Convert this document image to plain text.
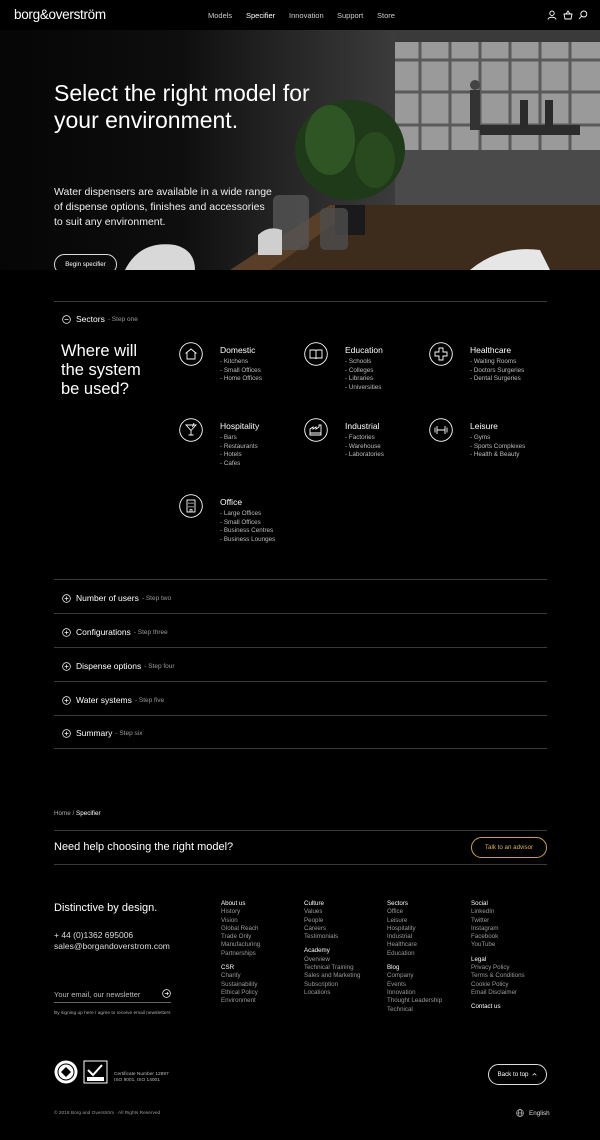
borg&overström	Models Specifier Innovation Support Store
Select the right model for your environment.

Water dispensers are available in a wide range of dispense options, finishes and accessories to suit any environment.

Begin specifier
Sectors - Step one
Where will the system be used?
Domestic
- Kitchens
- Small Offices
- Home Offices
Education
- Schools
- Colleges
- Libraries
- Universities
Healthcare
- Waiting Rooms
- Doctors Surgeries
- Dental Surgeries
Hospitality
- Bars
- Restaurants
- Hotels
- Cafes
Industrial
- Factories
- Warehouse
- Laboratories
Leisure
- Gyms
- Sports Complexes
- Health & Beauty
Office
- Large Offices
- Small Offices
- Business Centres
- Business Lounges
Number of users - Step two
Configurations - Step three
Dispense options - Step four
Water systems - Step five
Summary - Step six
Home / Specifier
Need help choosing the right model?	Talk to an advisor
Distinctive by design.
+ 44 (0)1362 695006
sales@borgandoverstrom.com
Your email, our newsletter
By signing up here I agree to receive email newsletters
About us
History
Vision
Global Reach
Trade Only
Manufacturing
Partnerships
CSR
Charity
Sustainability
Ethical Policy
Environment
Culture
Values
People
Careers
Testimonials
Academy
Overview
Technical Training
Sales and Marketing
Subscription
Locations
Sectors
Office
Leisure
Hospitality
Industrial
Healthcare
Education
Blog
Company
Events
Innovation
Thought Leadership
Technical
Social
LinkedIn
Twitter
Instagram
Facebook
YouTube
Legal
Privacy Policy
Terms & Conditions
Cookie Policy
Email Disclaimer
Contact us
Certificate Number 12897
ISO 9001, ISO 14001
Back to top
© 2018 Borg and Overström · All Rights Reserved	English
